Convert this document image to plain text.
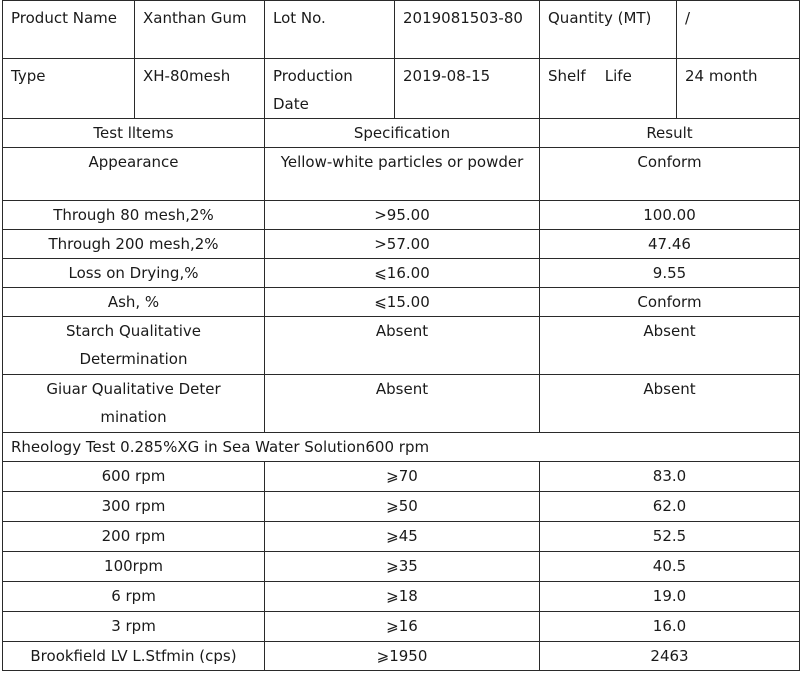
Product Name	Xanthan Gum	Lot No.	2019081503-80	Quantity (MT)	/
Type	XH-80mesh	Production Date	2019-08-15	Shelf    Life	24 month
Test lltems		Specification		Result	
Appearance		Yellow-white particles or powder		Conform	
Through 80 mesh,2%		>95.00		100.00	
Through 200 mesh,2%		>57.00		47.46	
Loss on Drying,%		⩽16.00		9.55	
Ash, %		⩽15.00		Conform	
Starch Qualitative Determination		Absent		Absent	
Giuar Qualitative Deter mination		Absent		Absent	
Rheology Test 0.285%XG in Sea Water Solution600 rpm					
600 rpm		⩾70		83.0	
300 rpm		⩾50		62.0	
200 rpm		⩾45		52.5	
100rpm		⩾35		40.5	
6 rpm		⩾18		19.0	
3 rpm		⩾16		16.0	
Brookfield LV L.Stfmin (cps)		⩾1950		2463	
